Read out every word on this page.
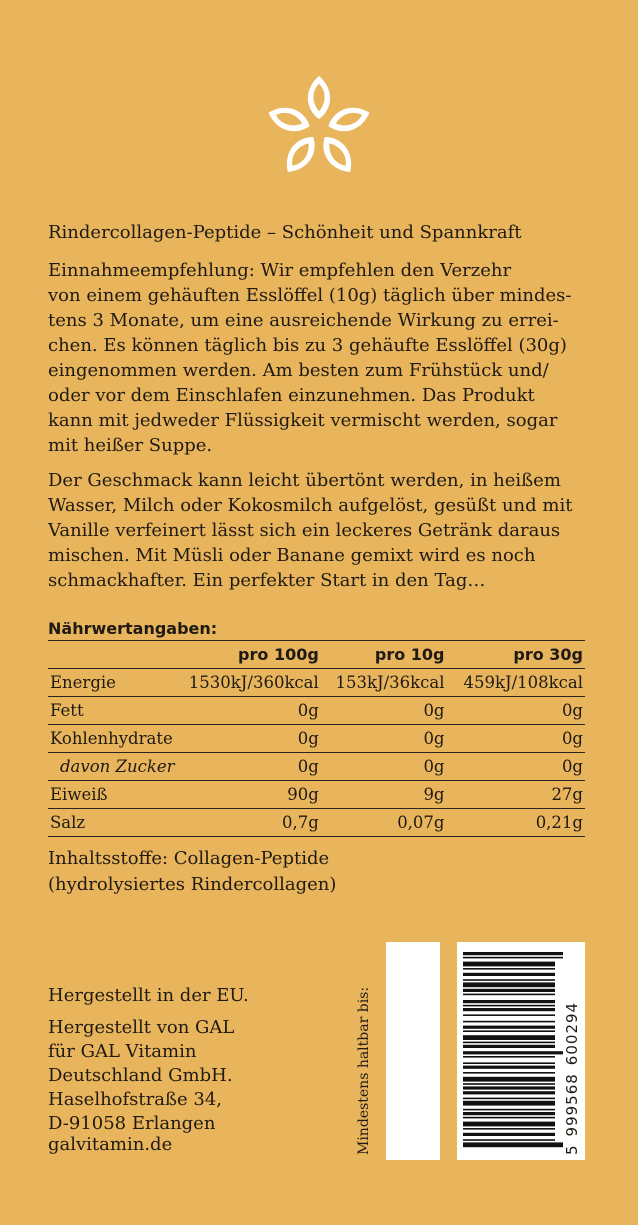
Rindercollagen-Peptide – Schönheit und Spannkraft
Einnahmeempfehlung: Wir empfehlen den Verzehr
von einem gehäuften Esslöffel (10g) täglich über mindes-
tens 3 Monate, um eine ausreichende Wirkung zu errei-
chen. Es können täglich bis zu 3 gehäufte Esslöffel (30g)
eingenommen werden. Am besten zum Frühstück und/
oder vor dem Einschlafen einzunehmen. Das Produkt
kann mit jedweder Flüssigkeit vermischt werden, sogar
mit heißer Suppe.
Der Geschmack kann leicht übertönt werden, in heißem
Wasser, Milch oder Kokosmilch aufgelöst, gesüßt und mit
Vanille verfeinert lässt sich ein leckeres Getränk daraus
mischen. Mit Müsli oder Banane gemixt wird es noch
schmackhafter. Ein perfekter Start in den Tag…
Nährwertangaben:
	pro 100g	pro 10g	pro 30g
Energie	1530kJ/360kcal	153kJ/36kcal	459kJ/108kcal
Fett	0g	0g	0g
Kohlenhydrate	0g	0g	0g
davon Zucker	0g	0g	0g
Eiweiß	90g	9g	27g
Salz	0,7g	0,07g	0,21g
Inhaltsstoffe: Collagen-Peptide
(hydrolysiertes Rindercollagen)
Hergestellt in der EU.
Hergestellt von GAL
für GAL Vitamin
Deutschland GmbH.
Haselhofstraße 34,
D-91058 Erlangen
galvitamin.de	Mindestens haltbar bis:	5999568600294
